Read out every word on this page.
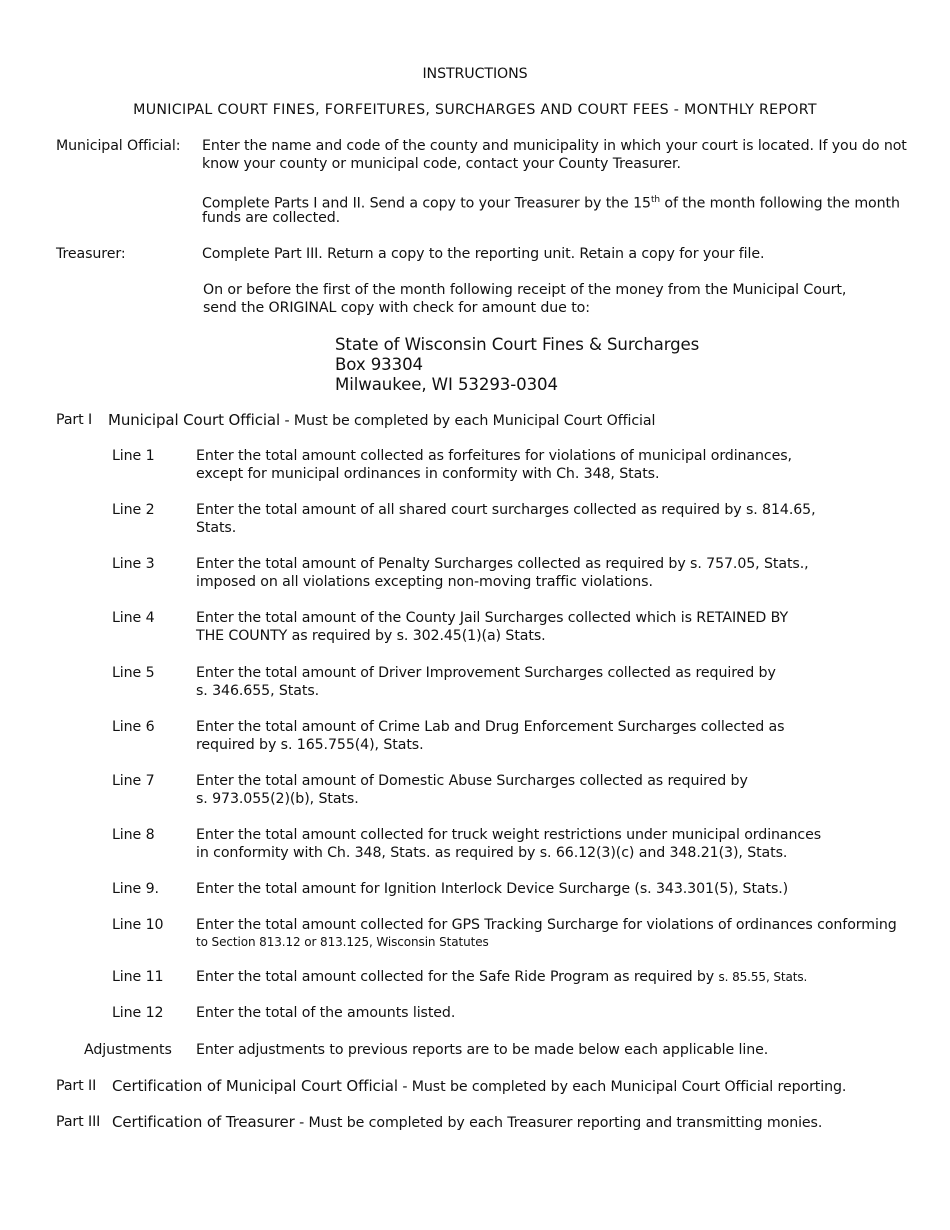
INSTRUCTIONS
MUNICIPAL COURT FINES, FORFEITURES, SURCHARGES AND COURT FEES - MONTHLY REPORT
Municipal Official: Enter the name and code of the county and municipality in which your court is located. If you do not
know your county or municipal code, contact your County Treasurer.
Complete Parts I and II. Send a copy to your Treasurer by the 15th of the month following the month
funds are collected.
Treasurer:	Complete Part III. Return a copy to the reporting unit. Retain a copy for your file.
On or before the first of the month following receipt of the money from the Municipal Court,
send the ORIGINAL copy with check for amount due to:
State of Wisconsin Court Fines & Surcharges
Box 93304
Milwaukee, WI 53293-0304
Part I Municipal Court Official - Must be completed by each Municipal Court Official
Line 1	Enter the total amount collected as forfeitures for violations of municipal ordinances,
except for municipal ordinances in conformity with Ch. 348, Stats.
Line 2	Enter the total amount of all shared court surcharges collected as required by s. 814.65,
Stats.
Line 3	Enter the total amount of Penalty Surcharges collected as required by s. 757.05, Stats.,
imposed on all violations excepting non-moving traffic violations.
Line 4	Enter the total amount of the County Jail Surcharges collected which is RETAINED BY
THE COUNTY as required by s. 302.45(1)(a) Stats.
Line 5	Enter the total amount of Driver Improvement Surcharges collected as required by
s. 346.655, Stats.
Line 6	Enter the total amount of Crime Lab and Drug Enforcement Surcharges collected as
required by s. 165.755(4), Stats.
Line 7	Enter the total amount of Domestic Abuse Surcharges collected as required by
s. 973.055(2)(b), Stats.
Line 8	Enter the total amount collected for truck weight restrictions under municipal ordinances
in conformity with Ch. 348, Stats. as required by s. 66.12(3)(c) and 348.21(3), Stats.
Line 9.	Enter the total amount for Ignition Interlock Device Surcharge (s. 343.301(5), Stats.)
Line 10 Enter the total amount collected for GPS Tracking Surcharge for violations of ordinances conforming
to Section 813.12 or 813.125, Wisconsin Statutes
Line 11 Enter the total amount collected for the Safe Ride Program as required by s. 85.55, Stats.
Line 12 Enter the total of the amounts listed.
Adjustments Enter adjustments to previous reports are to be made below each applicable line.
Part II Certification of Municipal Court Official - Must be completed by each Municipal Court Official reporting.
Part III Certification of Treasurer - Must be completed by each Treasurer reporting and transmitting monies.
